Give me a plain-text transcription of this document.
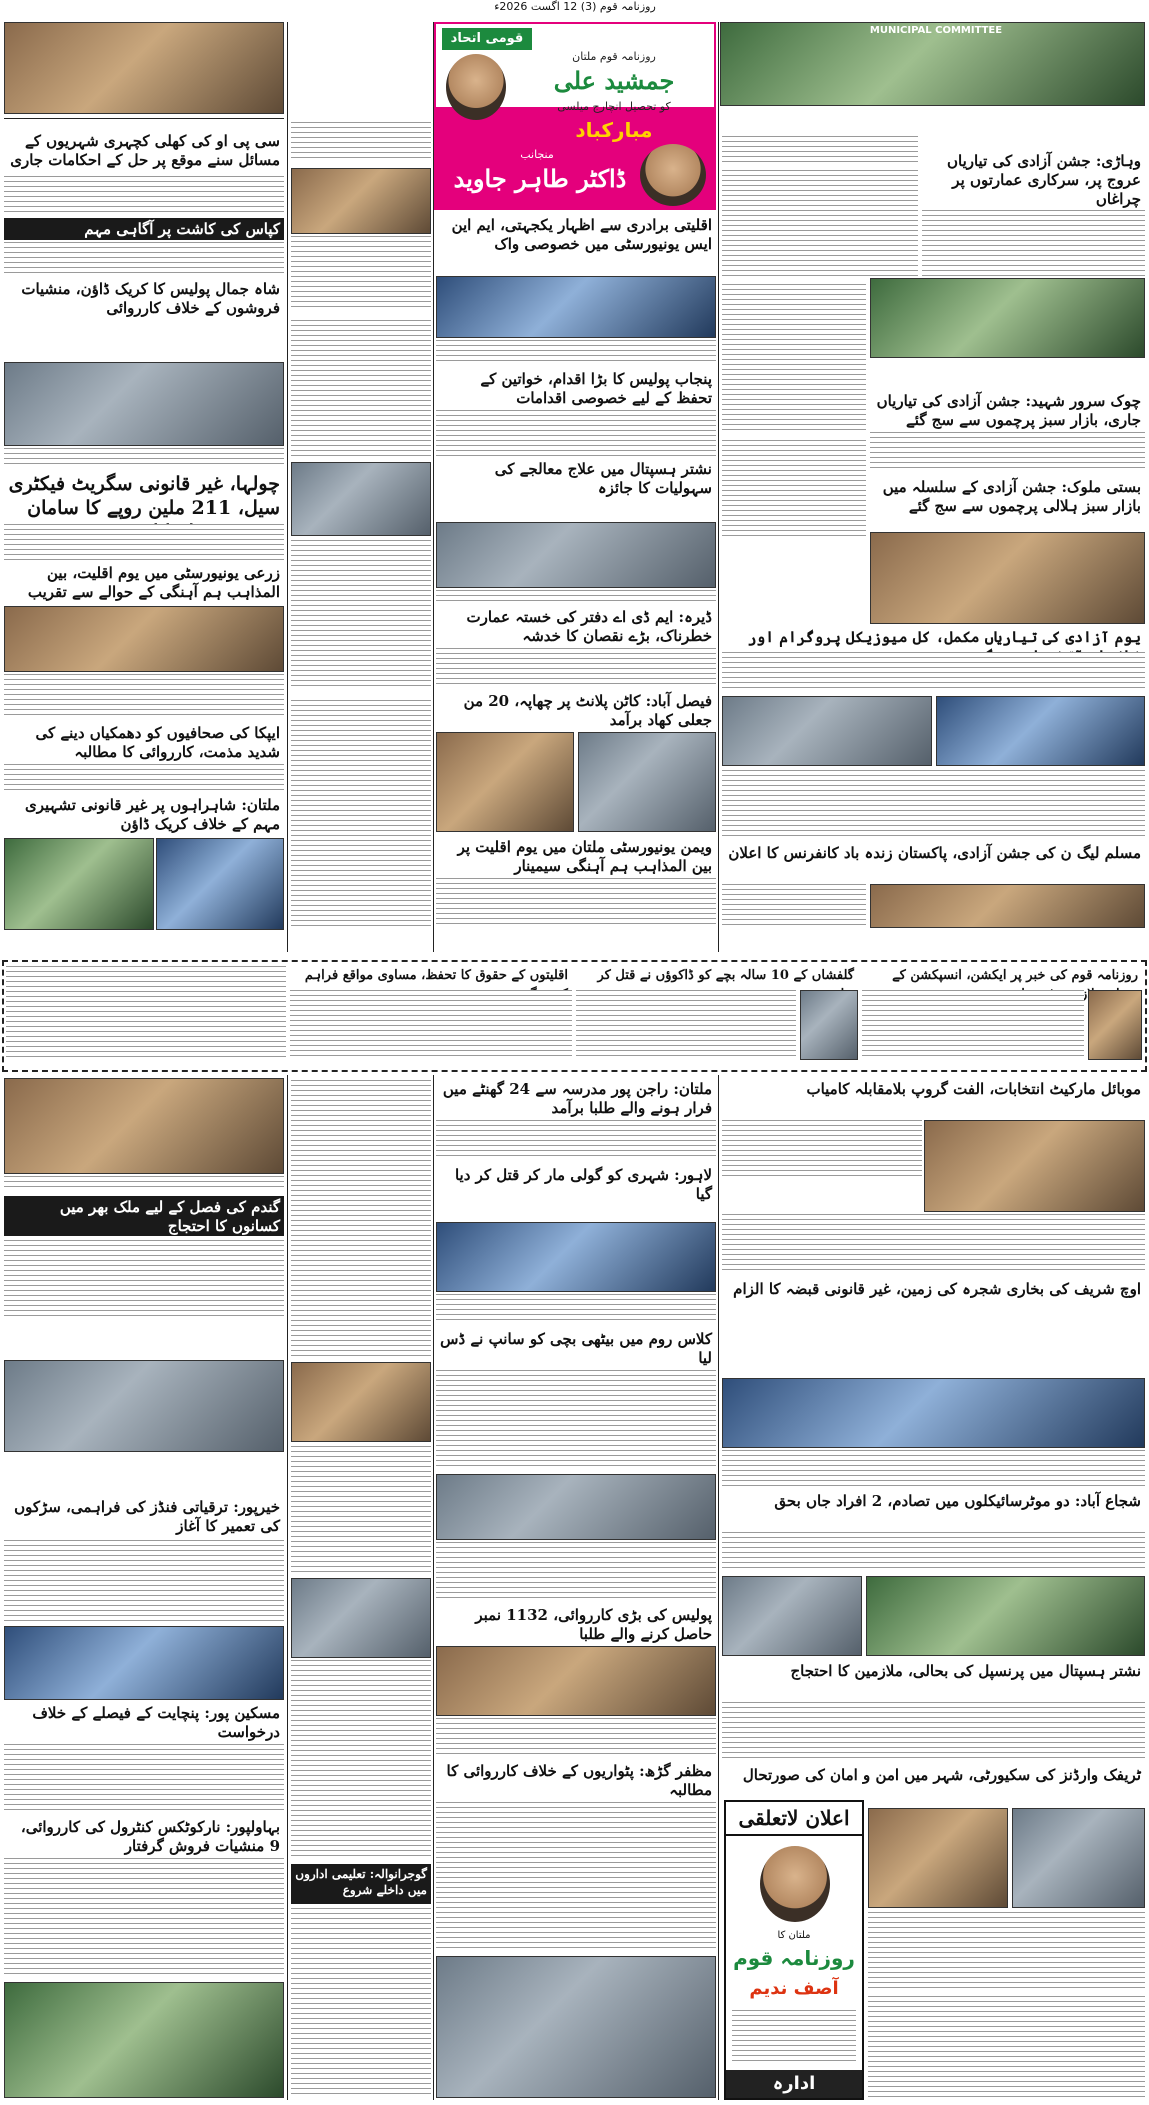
روزنامہ قوم (3) 12 اگست 2026ء
قومی اتحاد
روزنامہ قوم ملتان
جمشید علی
کو تحصیل انچارج میلسی
مبارکباد
منجانب
ڈاکٹر طاہر جاوید
MUNICIPAL COMMITTEE
سی پی او کی کھلی کچہری شہریوں کے مسائل سنے موقع پر حل کے احکامات جاری
کپاس کی کاشت پر آگاہی مہم
شاہ جمال پولیس کا کریک ڈاؤن، منشیات فروشوں کے خلاف کارروائی
چولہا، غیر قانونی سگریٹ فیکٹری سیل، 211 ملین روپے کا سامان
زرعی یونیورسٹی میں یوم اقلیت، بین المذاہب ہم آہنگی کے حوالے سے تقریب
ایپکا کی صحافیوں کو دھمکیاں دینے کی شدید مذمت، کارروائی کا مطالبہ
ملتان: شاہراہوں پر غیر قانونی تشہیری مہم کے خلاف کریک ڈاؤن
اقلیتی برادری سے اظہار یکجہتی، ایم این ایس یونیورسٹی میں خصوصی واک
پنجاب پولیس کا بڑا اقدام، خواتین کے تحفظ کے لیے خصوصی اقدامات
نشتر ہسپتال میں علاج معالجے کی سہولیات کا جائزہ
ڈیرہ: ایم ڈی اے دفتر کی خستہ عمارت خطرناک، بڑے نقصان کا خدشہ
فیصل آباد: کاٹن پلانٹ پر چھاپہ، 20 من جعلی کھاد برآمد
ویمن یونیورسٹی ملتان میں یوم اقلیت پر بین المذاہب ہم آہنگی سیمینار
وہاڑی: جشن آزادی کی تیاریاں عروج پر، سرکاری عمارتوں پر چراغاں
چوک سرور شہید: جشن آزادی کی تیاریاں جاری، بازار سبز پرچموں سے سج گئے
بستی ملوک: جشن آزادی کے سلسلہ میں بازار سبز ہلالی پرچموں سے سج گئے
یوم آزادی کی تیاریاں مکمل، کل میوزیکل پروگرام اور
مسلم لیگ ن کی جشن آزادی، پاکستان زندہ باد کانفرنس کا اعلان
روزنامہ قوم کی خبر پر ایکشن، انسپکشن کے
گلفشاں کے 10 سالہ بچے کو ڈاکوؤں نے قتل کر
اقلیتوں کے حقوق کا تحفظ، مساوی مواقع فراہم
گندم کی فصل کے لیے ملک بھر میں کسانوں کا احتجاج
خیرپور: ترقیاتی فنڈز کی فراہمی، سڑکوں کی تعمیر کا آغاز
مسکین پور: پنچایت کے فیصلے کے خلاف درخواست
بہاولپور: نارکوٹکس کنٹرول کی کارروائی، 9 منشیات فروش گرفتار
گوجرانوالہ: تعلیمی اداروں میں داخلے شروع
ملتان: راجن پور مدرسہ سے 24 گھنٹے میں فرار ہونے والے طلبا برآمد
لاہور: شہری کو گولی مار کر قتل کر دیا گیا
کلاس روم میں بیٹھی بچی کو سانپ نے ڈس لیا
پولیس کی بڑی کارروائی، 1132 نمبر حاصل کرنے والے طلبا
مظفر گڑھ: پٹواریوں کے خلاف کارروائی کا مطالبہ
اعلان لاتعلقی
ملتان کا
روزنامہ قوم
آصف ندیم
ادارہ
موبائل مارکیٹ انتخابات، الفت گروپ بلامقابلہ کامیاب
اوچ شریف کی بخاری شجرہ کی زمین، غیر قانونی قبضہ کا الزام
شجاع آباد: دو موٹرسائیکلوں میں تصادم، 2 افراد جاں بحق
نشتر ہسپتال میں پرنسپل کی بحالی، ملازمین کا احتجاج
ٹریفک وارڈنز کی سکیورٹی، شہر میں امن و امان کی صورتحال
